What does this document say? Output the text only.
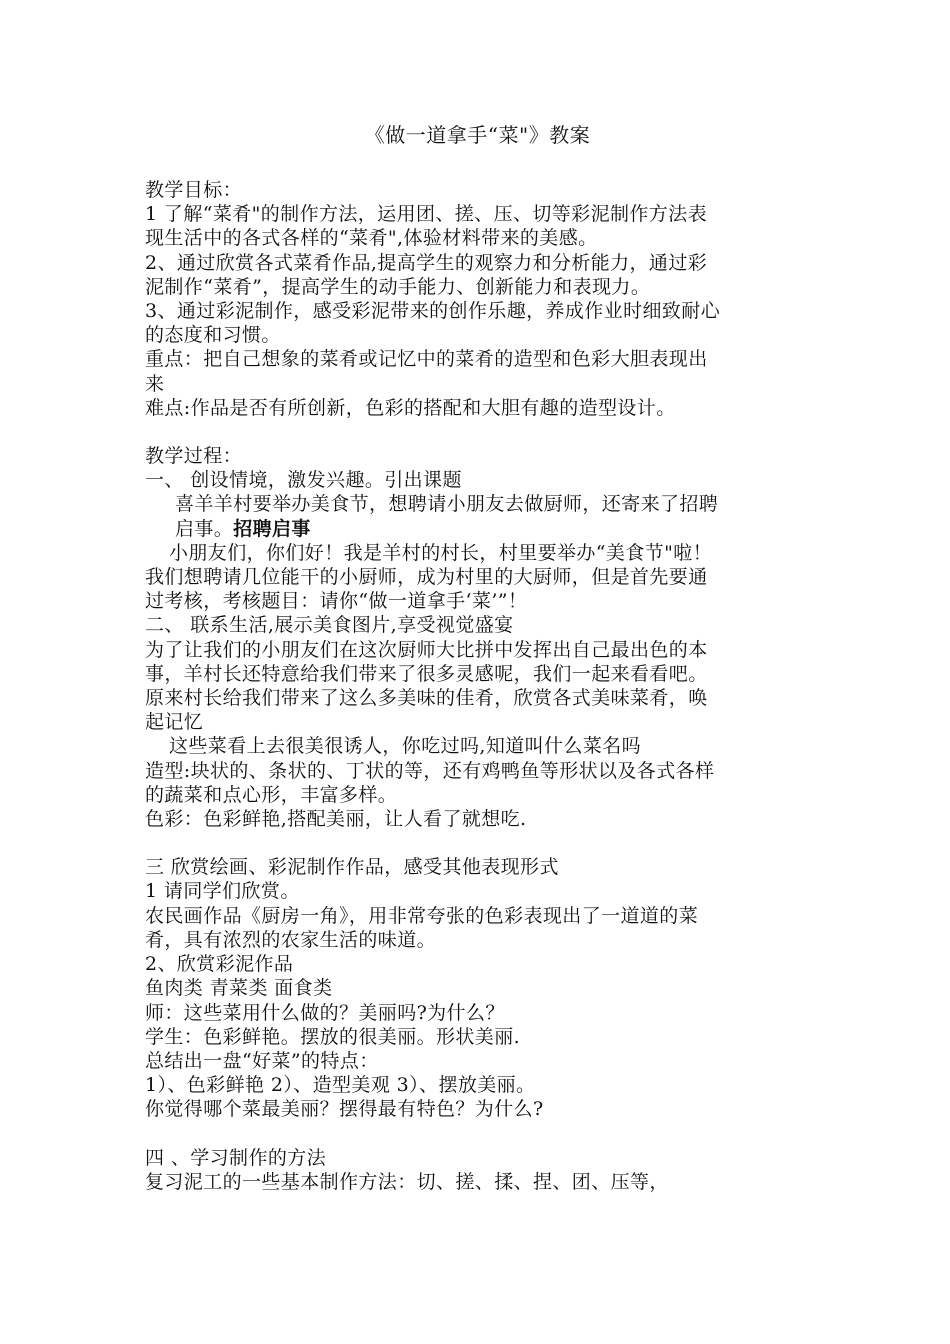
《做一道拿手“菜"》教案

教学目标：

1 了解“菜肴"的制作方法，运用团、搓、压、切等彩泥制作方法表

现生活中的各式各样的“菜肴",体验材料带来的美感。

2、通过欣赏各式菜肴作品,提高学生的观察力和分析能力，通过彩

泥制作“菜肴”，提高学生的动手能力、创新能力和表现力。

3、通过彩泥制作，感受彩泥带来的创作乐趣，养成作业时细致耐心

的态度和习惯。

重点：把自己想象的菜肴或记忆中的菜肴的造型和色彩大胆表现出

来

难点:作品是否有所创新，色彩的搭配和大胆有趣的造型设计。

教学过程：

一、 创设情境，激发兴趣。引出课题

喜羊羊村要举办美食节，想聘请小朋友去做厨师，还寄来了招聘

启事。招聘启事

小朋友们，你们好！我是羊村的村长，村里要举办“美食节"啦！

我们想聘请几位能干的小厨师，成为村里的大厨师，但是首先要通

过考核，考核题目：请你“做一道拿手‘菜’”！

二、 联系生活,展示美食图片,享受视觉盛宴

为了让我们的小朋友们在这次厨师大比拼中发挥出自己最出色的本

事，羊村长还特意给我们带来了很多灵感呢，我们一起来看看吧。

原来村长给我们带来了这么多美味的佳肴，欣赏各式美味菜肴，唤

起记忆

这些菜看上去很美很诱人，你吃过吗,知道叫什么菜名吗

造型:块状的、条状的、丁状的等，还有鸡鸭鱼等形状以及各式各样

的蔬菜和点心形，丰富多样。

色彩：色彩鲜艳,搭配美丽，让人看了就想吃.

三 欣赏绘画、彩泥制作作品，感受其他表现形式

1 请同学们欣赏。

农民画作品《厨房一角》，用非常夸张的色彩表现出了一道道的菜

肴，具有浓烈的农家生活的味道。

2、欣赏彩泥作品

鱼肉类 青菜类 面食类

师：这些菜用什么做的？美丽吗?为什么？

学生：色彩鲜艳。摆放的很美丽。形状美丽.

总结出一盘“好菜”的特点：

1）、色彩鲜艳 2）、造型美观 3）、摆放美丽。

你觉得哪个菜最美丽？摆得最有特色？为什么?

四 、学习制作的方法

复习泥工的一些基本制作方法：切、搓、揉、捏、团、压等，
